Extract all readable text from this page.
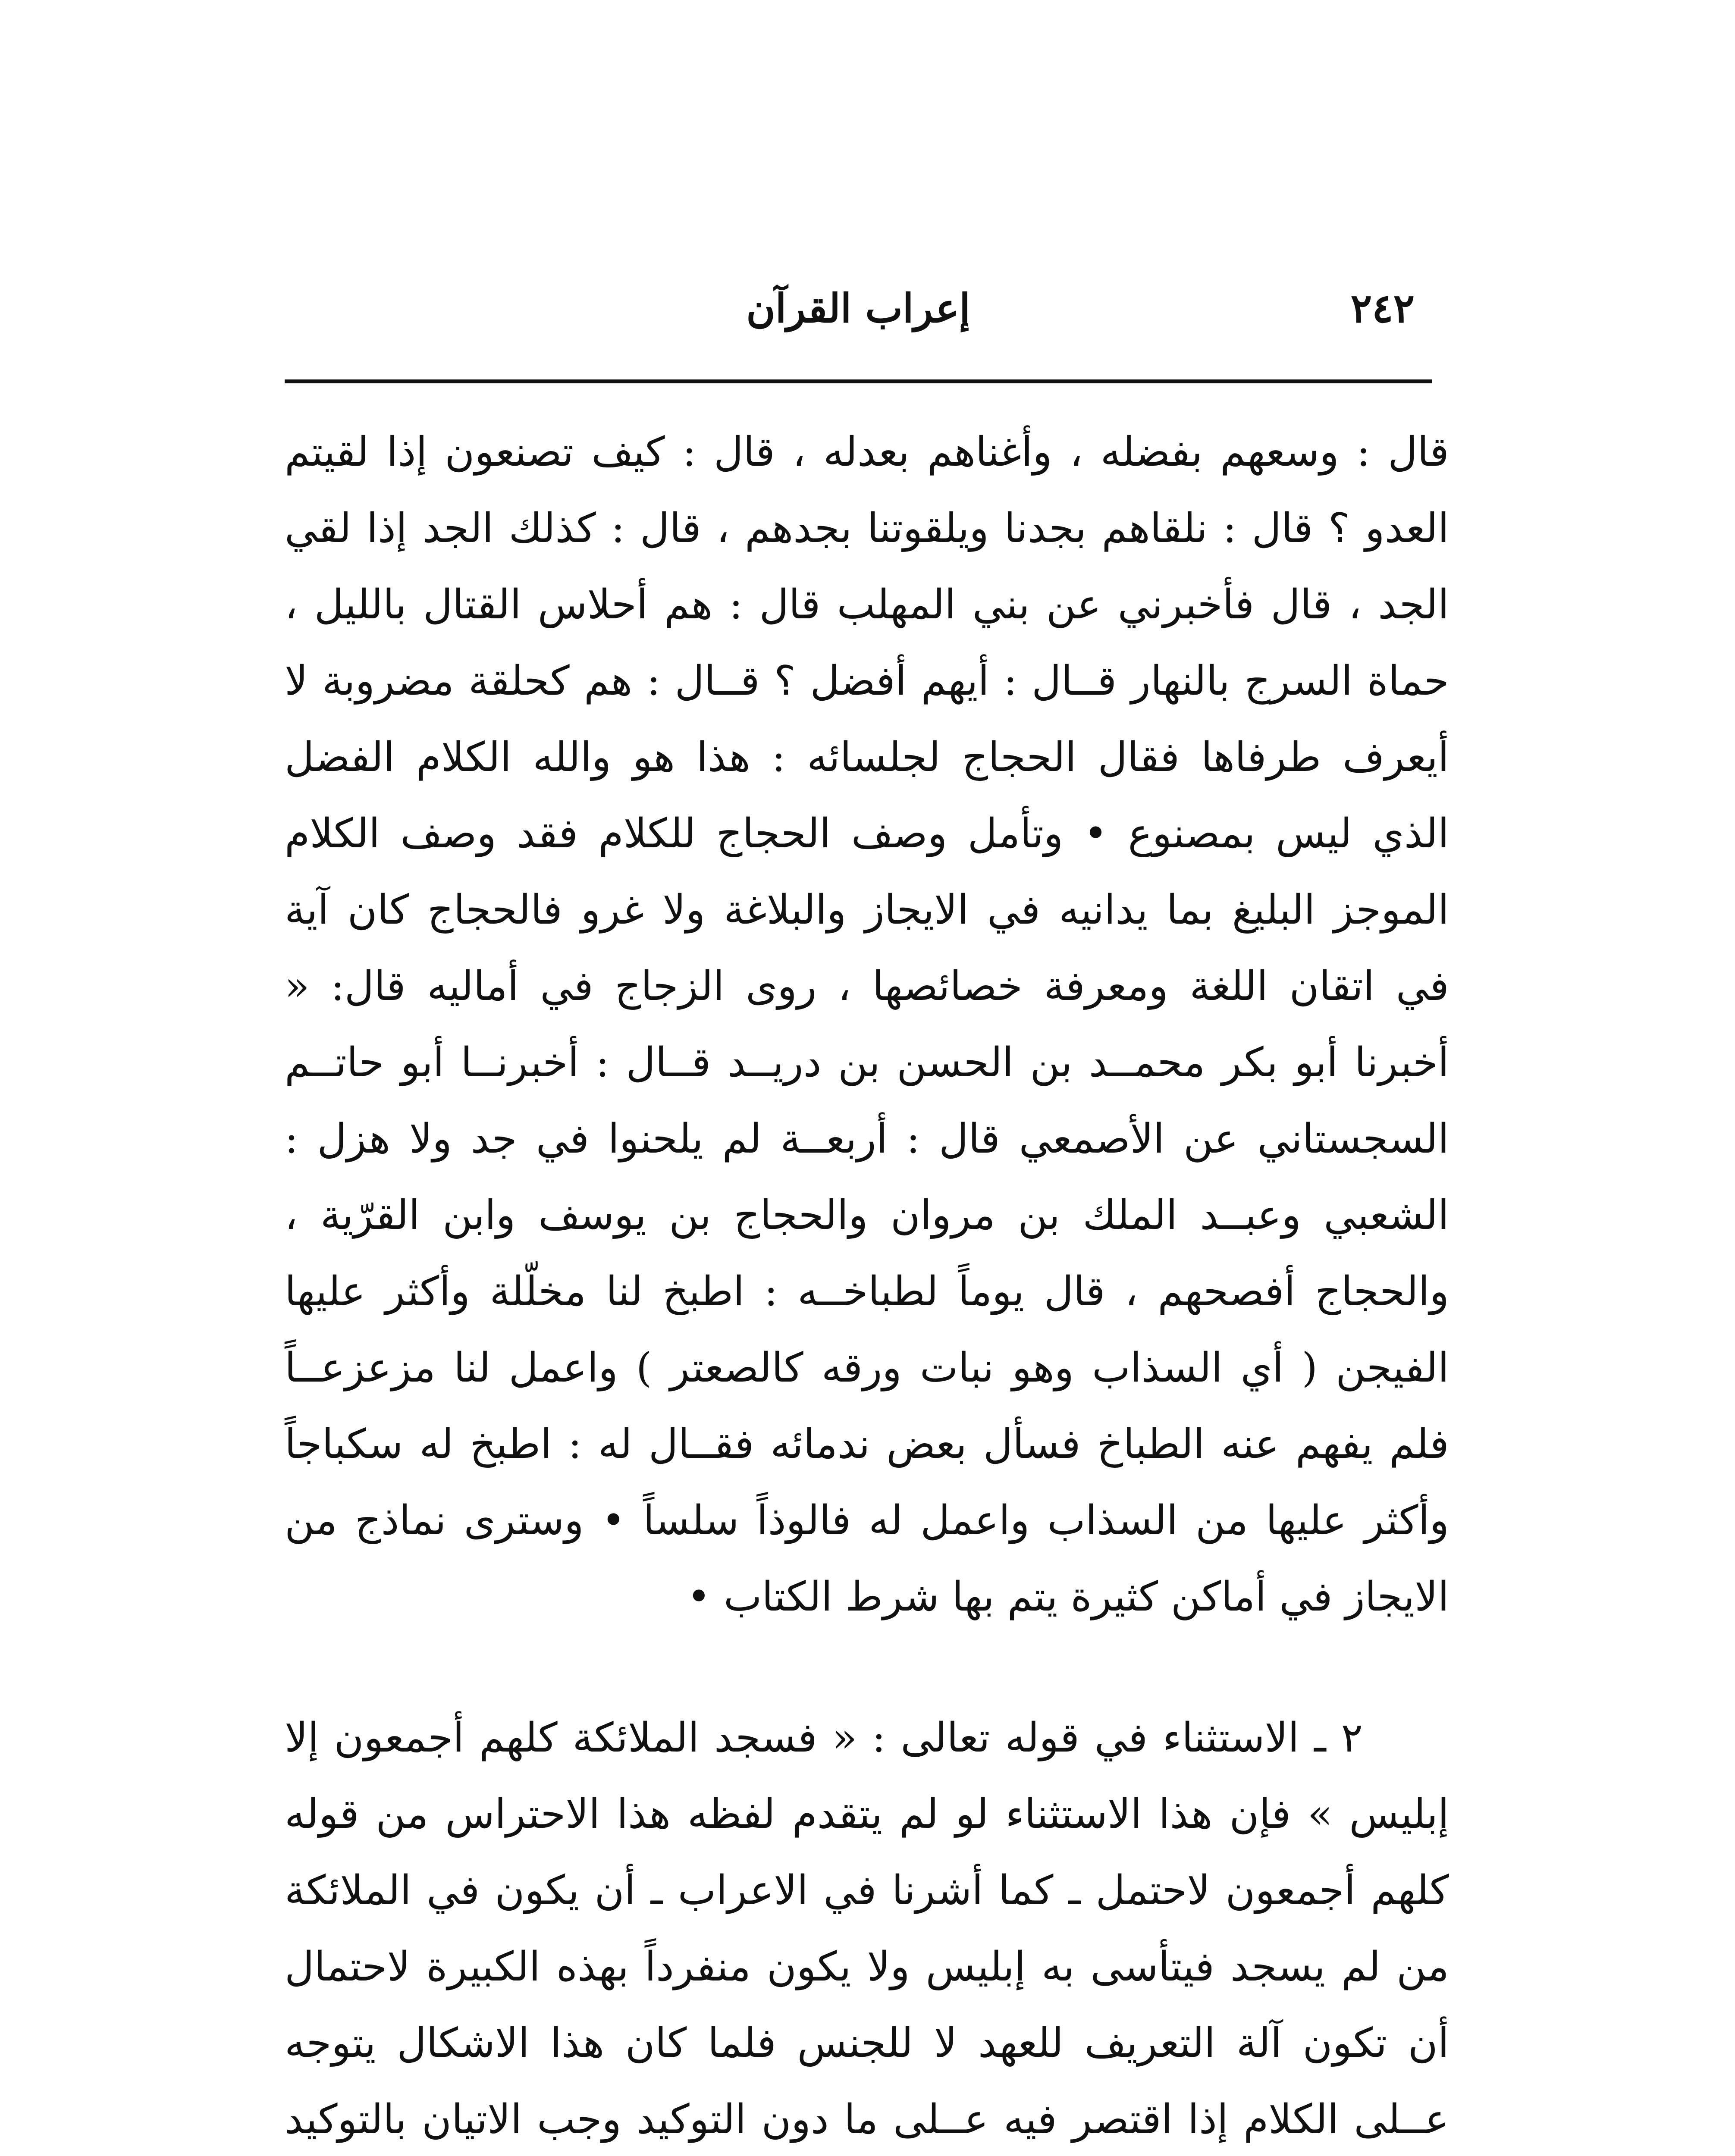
٢٤٢
إعراب القرآن

قال : وسعهم بفضله ، وأغناهم بعدله ، قال : كيف تصنعون إذا لقيتم العدو ؟ قال : نلقاهم بجدنا ويلقوتنا بجدهم ، قال : كذلك الجد إذا لقي الجد ، قال فأخبرني عن بني المهلب قال : هم أحلاس القتال بالليل ، حماة السرج بالنهار قــال : أيهم أفضل ؟ قــال : هم كحلقة مضروبة لا أيعرف طرفاها فقال الحجاج لجلسائه : هذا هو والله الكلام الفضل الذي ليس بمصنوع • وتأمل وصف الحجاج للكلام فقد وصف الكلام الموجز البليغ بما يدانيه في الايجاز والبلاغة ولا غرو فالحجاج كان آية في اتقان اللغة ومعرفة خصائصها ، روى الزجاج في أماليه قال: « أخبرنا أبو بكر محمــد بن الحسن بن دريــد قــال : أخبرنــا أبو حاتــم السجستاني عن الأصمعي قال : أربعــة لم يلحنوا في جد ولا هزل : الشعبي وعبــد الملك بن مروان والحجاج بن يوسف وابن القرّية ، والحجاج أفصحهم ، قال يوماً لطباخــه : اطبخ لنا مخلّلة وأكثر عليها الفيجن ( أي السذاب وهو نبات ورقه كالصعتر ) واعمل لنا مزعزعــاً فلم يفهم عنه الطباخ فسأل بعض ندمائه فقــال له : اطبخ له سكباجاً وأكثر عليها من السذاب واعمل له فالوذاً سلساً • وسترى نماذج من الايجاز في أماكن كثيرة يتم بها شرط الكتاب •

٢ ـ الاستثناء في قوله تعالى : « فسجد الملائكة كلهم أجمعون إلا إبليس » فإن هذا الاستثناء لو لم يتقدم لفظه هذا الاحتراس من قوله كلهم أجمعون لاحتمل ـ كما أشرنا في الاعراب ـ أن يكون في الملائكة من لم يسجد فيتأسى به إبليس ولا يكون منفرداً بهذه الكبيرة لاحتمال أن تكون آلة التعريف للعهد لا للجنس فلما كان هذا الاشكال يتوجه عــلى الكلام إذا اقتصر فيه عــلى ما دون التوكيد وجب الاتيان بالتوكيد
